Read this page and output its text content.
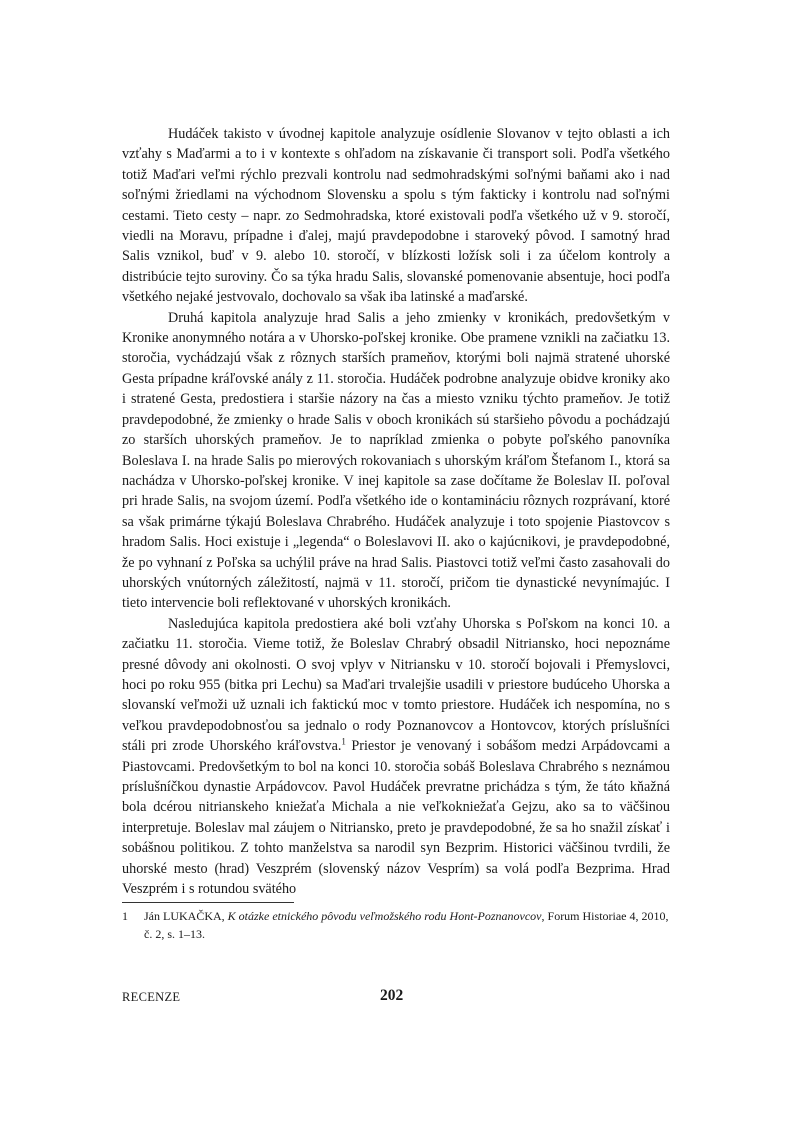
Hudáček takisto v úvodnej kapitole analyzuje osídlenie Slovanov v tejto oblasti a ich vzťahy s Maďarmi a to i v kontexte s ohľadom na získavanie či transport soli. Podľa všetkého totiž Maďari veľmi rýchlo prezvali kontrolu nad sedmohradskými soľnými baňami ako i nad soľnými žriedlami na východnom Slovensku a spolu s tým fakticky i kontrolu nad soľnými cestami. Tieto cesty – napr. zo Sedmohradska, ktoré existovali podľa všetkého už v 9. storočí, viedli na Moravu, prípadne i ďalej, majú pravdepodobne i staroveký pôvod. I samotný hrad Salis vznikol, buď v 9. alebo 10. storočí, v blízkosti ložísk soli i za účelom kontroly a distribúcie tejto suroviny. Čo sa týka hradu Salis, slovanské pomenovanie absentuje, hoci podľa všetkého nejaké jestvovalo, dochovalo sa však iba latinské a maďarské.

Druhá kapitola analyzuje hrad Salis a jeho zmienky v kronikách, predovšetkým v Kronike anonymného notára a v Uhorsko-poľskej kronike. Obe pramene vznikli na začiatku 13. storočia, vychádzajú však z rôznych starších prameňov, ktorými boli najmä stratené uhorské Gesta prípadne kráľovské anály z 11. storočia. Hudáček podrobne analyzuje obidve kroniky ako i stratené Gesta, predostiera i staršie názory na čas a miesto vzniku týchto prameňov. Je totiž pravdepodobné, že zmienky o hrade Salis v oboch kronikách sú staršieho pôvodu a pochádzajú zo starších uhorských prameňov. Je to napríklad zmienka o pobyte poľského panovníka Boleslava I. na hrade Salis po mierových rokovaniach s uhorským kráľom Štefanom I., ktorá sa nachádza v Uhorsko-poľskej kronike. V inej kapitole sa zase dočítame že Boleslav II. poľoval pri hrade Salis, na svojom území. Podľa všetkého ide o kontamináciu rôznych rozprávaní, ktoré sa však primárne týkajú Boleslava Chrabrého. Hudáček analyzuje i toto spojenie Piastovcov s hradom Salis. Hoci existuje i „legenda“ o Boleslavovi II. ako o kajúcnikovi, je pravdepodobné, že po vyhnaní z Poľska sa uchýlil práve na hrad Salis. Piastovci totiž veľmi často zasahovali do uhorských vnútorných záležitostí, najmä v 11. storočí, pričom tie dynastické nevynímajúc. I tieto intervencie boli reflektované v uhorských kronikách.

Nasledujúca kapitola predostiera aké boli vzťahy Uhorska s Poľskom na konci 10. a začiatku 11. storočia. Vieme totiž, že Boleslav Chrabrý obsadil Nitriansko, hoci nepoznáme presné dôvody ani okolnosti. O svoj vplyv v Nitriansku v 10. storočí bojovali i Přemyslovci, hoci po roku 955 (bitka pri Lechu) sa Maďari trvalejšie usadili v priestore budúceho Uhorska a slovanskí veľmoži už uznali ich faktickú moc v tomto priestore. Hudáček ich nespomína, no s veľkou pravdepodobnosťou sa jednalo o rody Poznanovcov a Hontovcov, ktorých príslušníci stáli pri zrode Uhorského kráľovstva.$^1$ Priestor je venovaný i sobášom medzi Arpádovcami a Piastovcami. Predovšetkým to bol na konci 10. storočia sobáš Boleslava Chrabrého s neznámou príslušníčkou dynastie Arpádovcov. Pavol Hudáček prevratne prichádza s tým, že táto kňažná bola dcérou nitrianskeho kniežaťa Michala a nie veľkokniežaťa Gejzu, ako sa to väčšinou interpretuje. Boleslav mal záujem o Nitriansko, preto je pravdepodobné, že sa ho snažil získať i sobášnou politikou. Z tohto manželstva sa narodil syn Bezprim. Historici väčšinou tvrdili, že uhorské mesto (hrad) Veszprém (slovenský názov Vesprím) sa volá podľa Bezprima. Hrad Veszprém i s rotundou svätého

1	Ján LUKAČKA, K otázke etnického pôvodu veľmožského rodu Hont-Poznanovcov, Forum Historiae 4, 2010, č. 2, s. 1–13.
RECENZE	202
